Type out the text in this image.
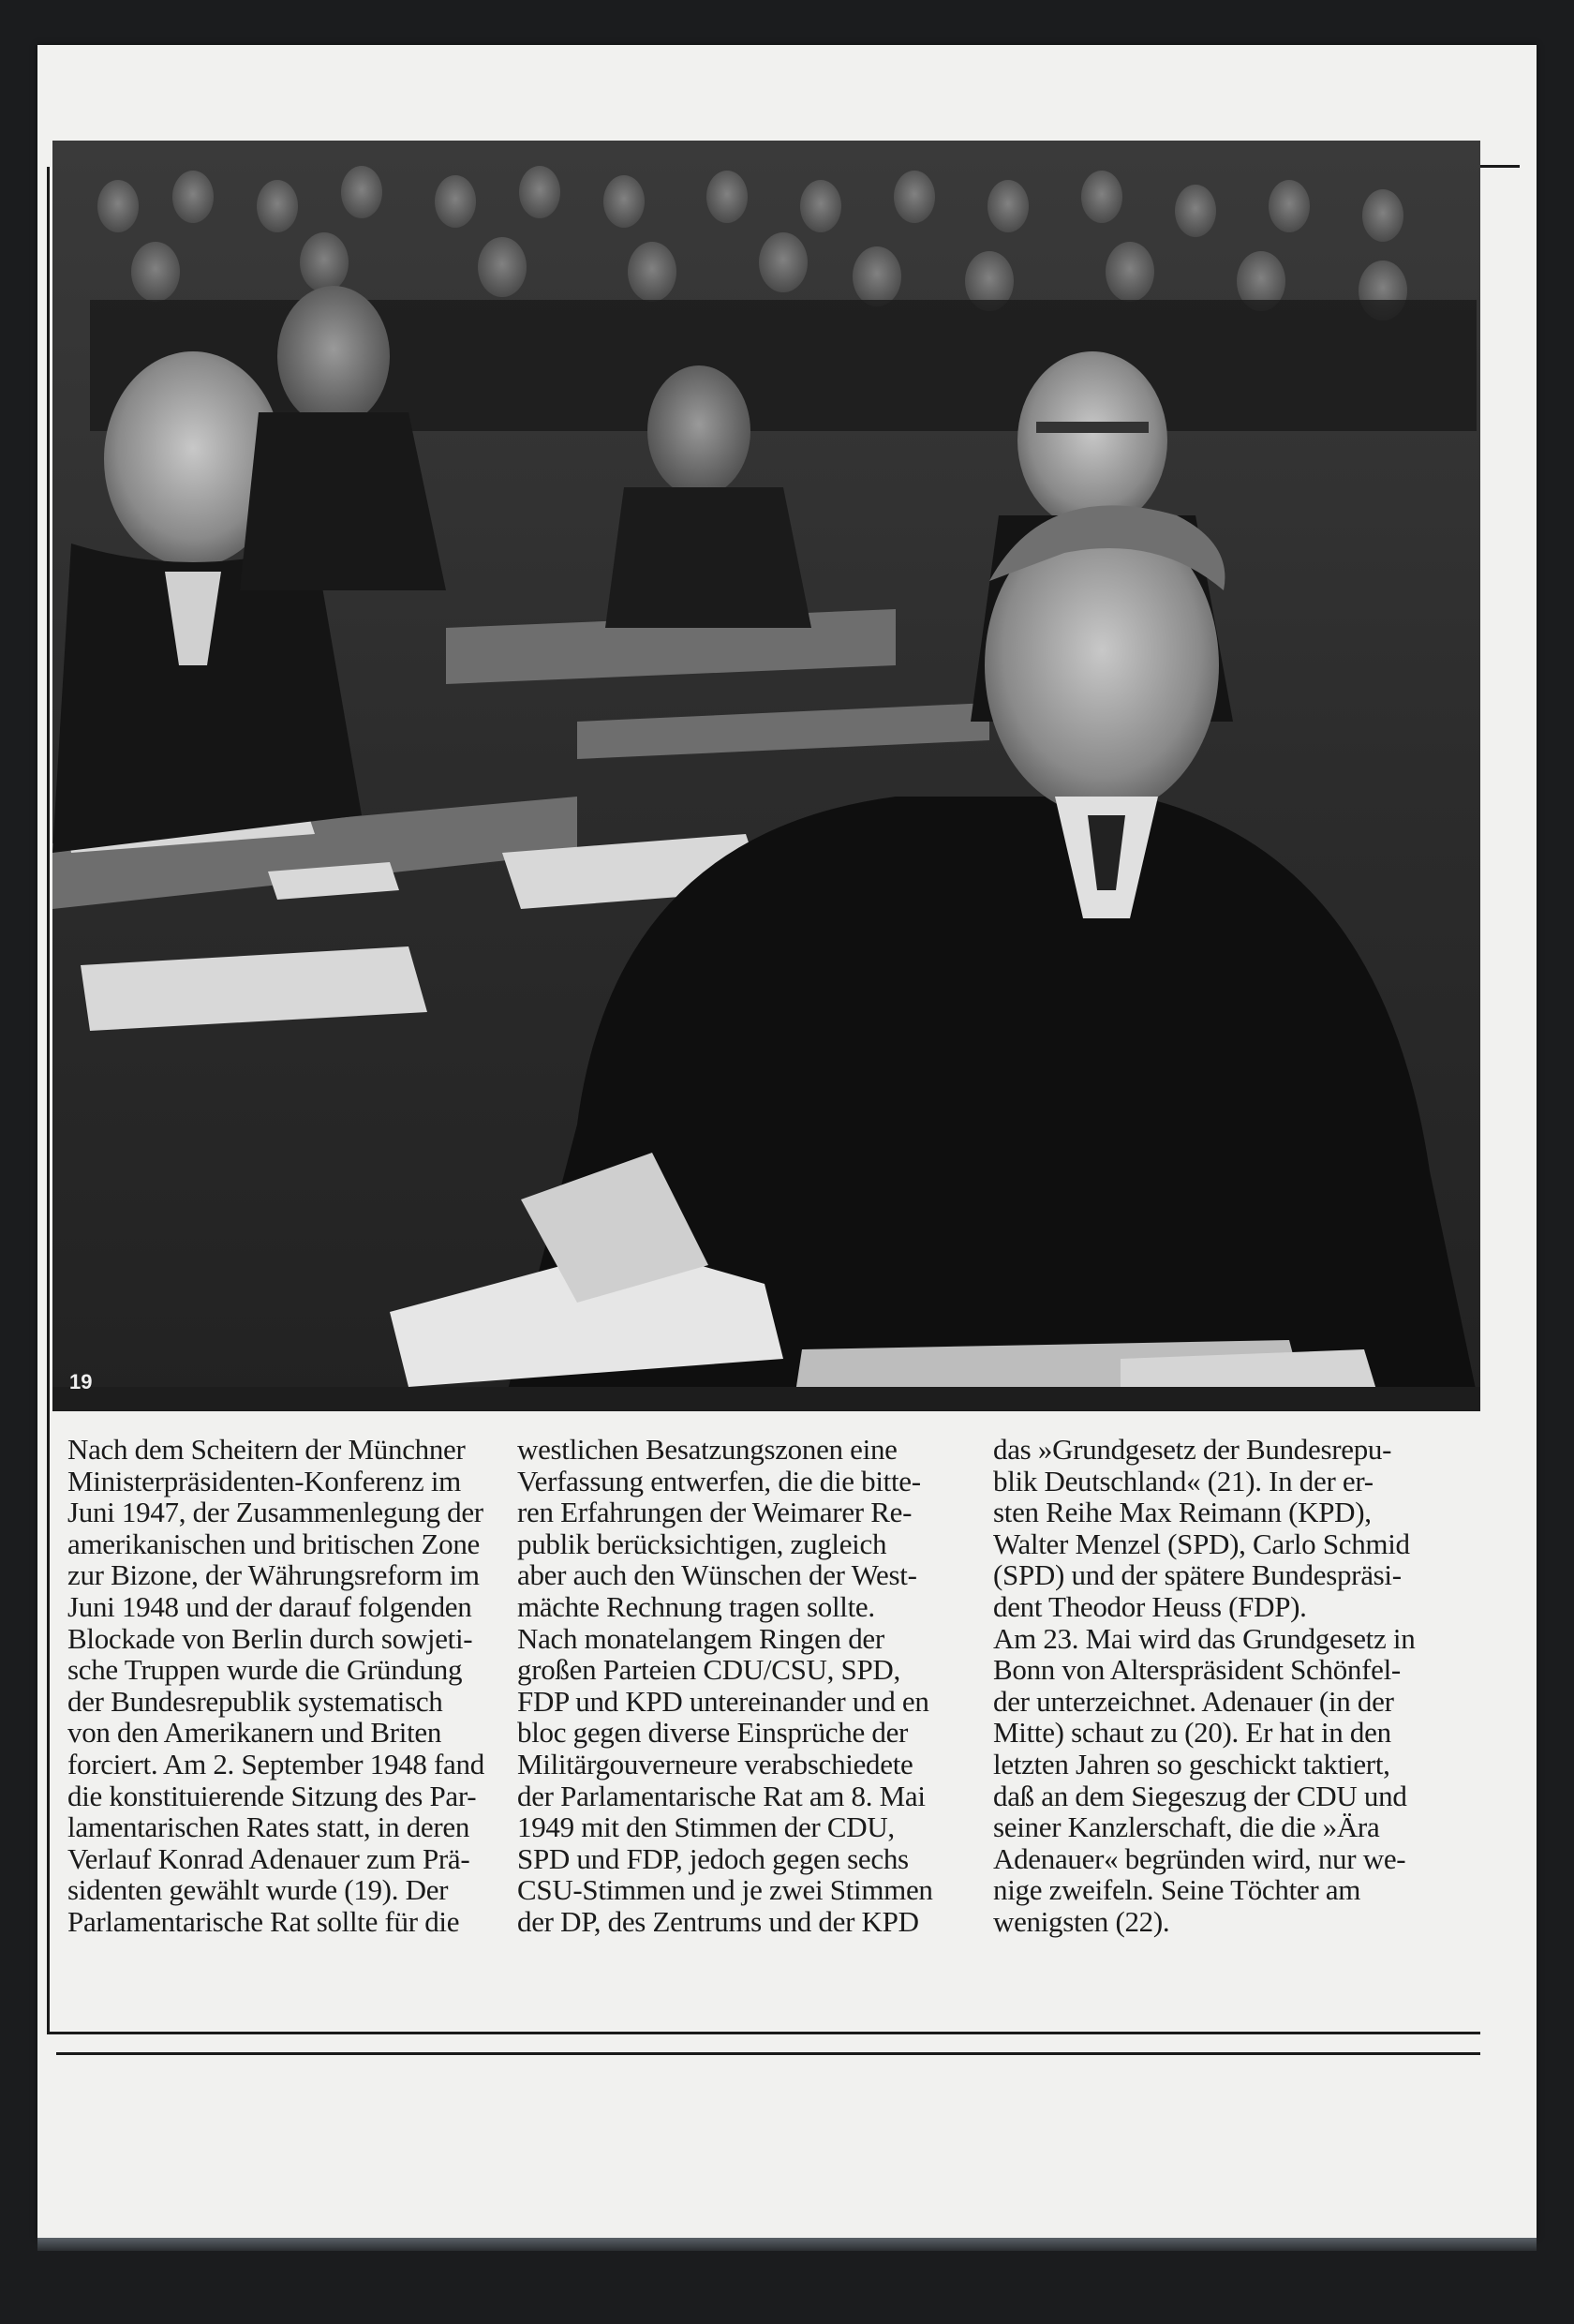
19
Nach dem Scheitern der Münchner
Ministerpräsidenten-Konferenz im
Juni 1947, der Zusammenlegung der
amerikanischen und britischen Zone
zur Bizone, der Währungsreform im
Juni 1948 und der darauf folgenden
Blockade von Berlin durch sowjeti-
sche Truppen wurde die Gründung
der Bundesrepublik systematisch
von den Amerikanern und Briten
forciert. Am 2. September 1948 fand
die konstituierende Sitzung des Par-
lamentarischen Rates statt, in deren
Verlauf Konrad Adenauer zum Prä-
sidenten gewählt wurde (19). Der
Parlamentarische Rat sollte für die
westlichen Besatzungszonen eine
Verfassung entwerfen, die die bitte-
ren Erfahrungen der Weimarer Re-
publik berücksichtigen, zugleich
aber auch den Wünschen der West-
mächte Rechnung tragen sollte.
Nach monatelangem Ringen der
großen Parteien CDU/CSU, SPD,
FDP und KPD untereinander und en
bloc gegen diverse Einsprüche der
Militärgouverneure verabschiedete
der Parlamentarische Rat am 8. Mai
1949 mit den Stimmen der CDU,
SPD und FDP, jedoch gegen sechs
CSU-Stimmen und je zwei Stimmen
der DP, des Zentrums und der KPD
das »Grundgesetz der Bundesrepu-
blik Deutschland« (21). In der er-
sten Reihe Max Reimann (KPD),
Walter Menzel (SPD), Carlo Schmid
(SPD) und der spätere Bundespräsi-
dent Theodor Heuss (FDP).
Am 23. Mai wird das Grundgesetz in
Bonn von Alterspräsident Schönfel-
der unterzeichnet. Adenauer (in der
Mitte) schaut zu (20). Er hat in den
letzten Jahren so geschickt taktiert,
daß an dem Siegeszug der CDU und
seiner Kanzlerschaft, die die »Ära
Adenauer« begründen wird, nur we-
nige zweifeln. Seine Töchter am
wenigsten (22).
